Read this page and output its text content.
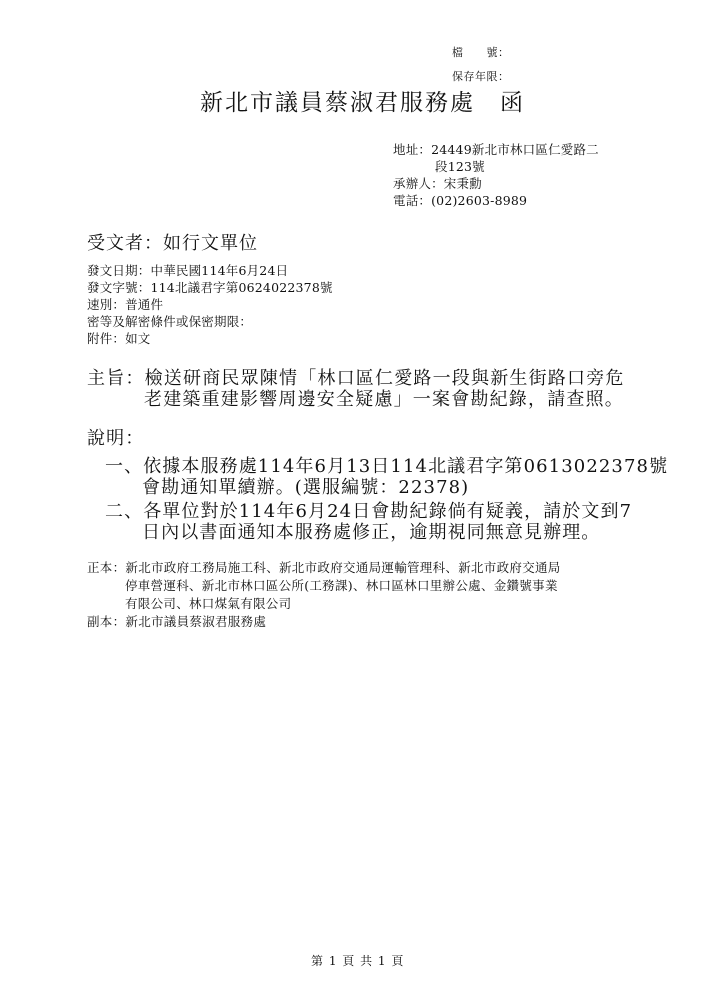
檔　　號：
保存年限：
新北市議員蔡淑君服務處　函
地址：24449新北市林口區仁愛路二
段123號
承辦人：宋秉勳
電話：(02)2603-8989
受文者：如行文單位
發文日期：中華民國114年6月24日
發文字號：114北議君字第0624022378號
速別：普通件
密等及解密條件或保密期限：
附件：如文
主旨：檢送研商民眾陳情「林口區仁愛路一段與新生街路口旁危
老建築重建影響周邊安全疑慮」一案會勘紀錄，請查照。
說明：
一、依據本服務處114年6月13日114北議君字第0613022378號
會勘通知單續辦。(選服編號：22378)
二、各單位對於114年6月24日會勘紀錄倘有疑義，請於文到7
日內以書面通知本服務處修正，逾期視同無意見辦理。
正本：新北市政府工務局施工科、新北市政府交通局運輸管理科、新北市政府交通局
停車營運科、新北市林口區公所(工務課)、林口區林口里辦公處、金鑽號事業
有限公司、林口煤氣有限公司
副本：新北市議員蔡淑君服務處
第 1 頁 共 1 頁
